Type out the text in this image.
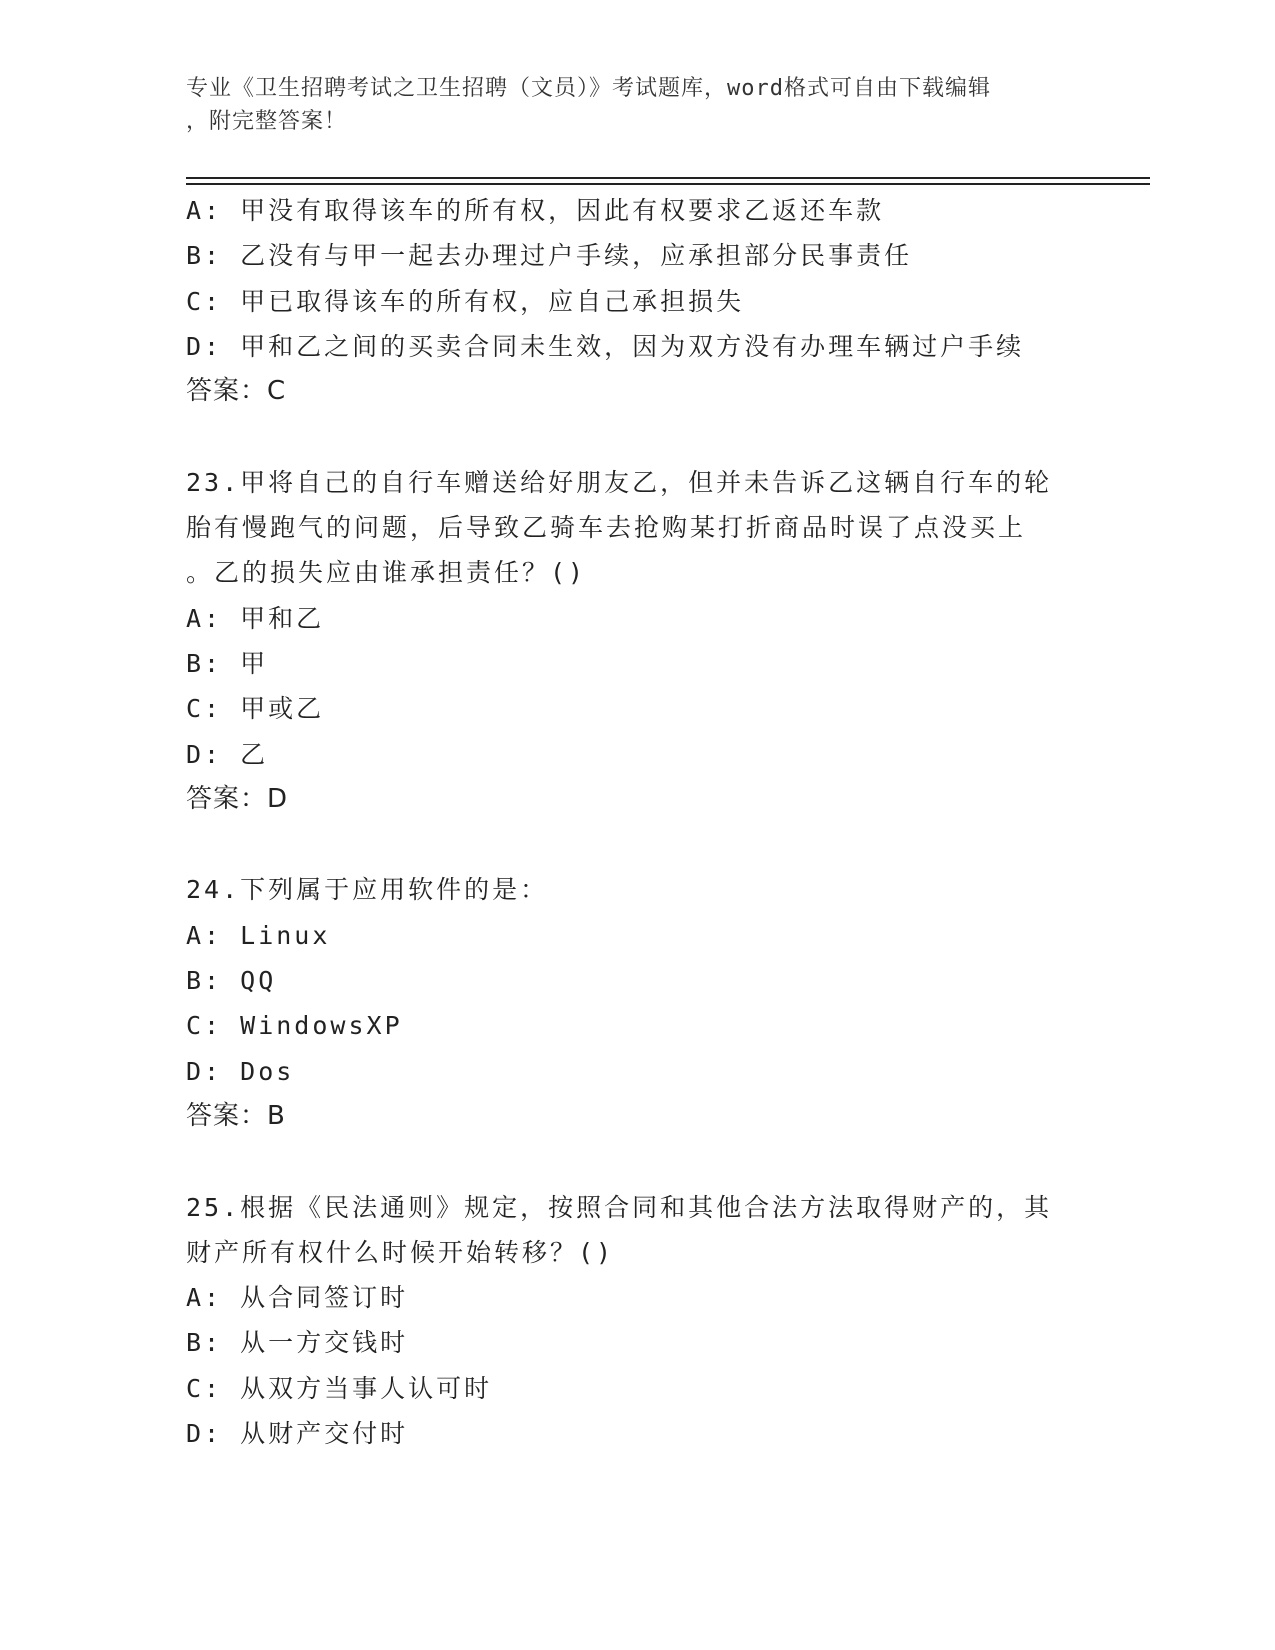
专业《卫生招聘考试之卫生招聘（文员）》考试题库，word格式可自由下载编辑
，附完整答案！
A: 甲没有取得该车的所有权，因此有权要求乙返还车款
B: 乙没有与甲一起去办理过户手续，应承担部分民事责任
C: 甲已取得该车的所有权，应自己承担损失
D: 甲和乙之间的买卖合同未生效，因为双方没有办理车辆过户手续
答案：C
23.甲将自己的自行车赠送给好朋友乙，但并未告诉乙这辆自行车的轮
胎有慢跑气的问题，后导致乙骑车去抢购某打折商品时误了点没买上
。乙的损失应由谁承担责任？()
A: 甲和乙
B: 甲
C: 甲或乙
D: 乙
答案：D
24.下列属于应用软件的是：
A: Linux
B: QQ
C: WindowsXP
D: Dos
答案：B
25.根据《民法通则》规定，按照合同和其他合法方法取得财产的，其
财产所有权什么时候开始转移？()
A: 从合同签订时
B: 从一方交钱时
C: 从双方当事人认可时
D: 从财产交付时
